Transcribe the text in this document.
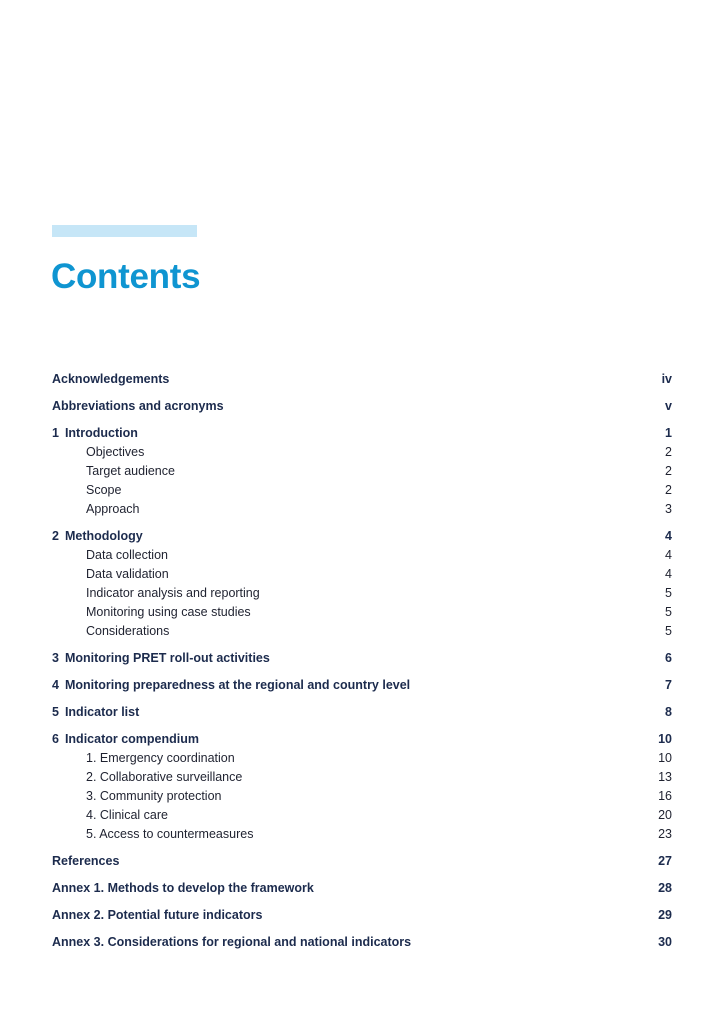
Contents
Acknowledgements	iv
Abbreviations and acronyms	v
1 Introduction	1
Objectives	2
Target audience	2
Scope	2
Approach	3
2 Methodology	4
Data collection	4
Data validation	4
Indicator analysis and reporting	5
Monitoring using case studies	5
Considerations	5
3 Monitoring PRET roll-out activities	6
4 Monitoring preparedness at the regional and country level	7
5 Indicator list	8
6 Indicator compendium	10
1. Emergency coordination	10
2. Collaborative surveillance	13
3. Community protection	16
4. Clinical care	20
5. Access to countermeasures	23
References	27
Annex 1. Methods to develop the framework	28
Annex 2. Potential future indicators	29
Annex 3. Considerations for regional and national indicators	30
